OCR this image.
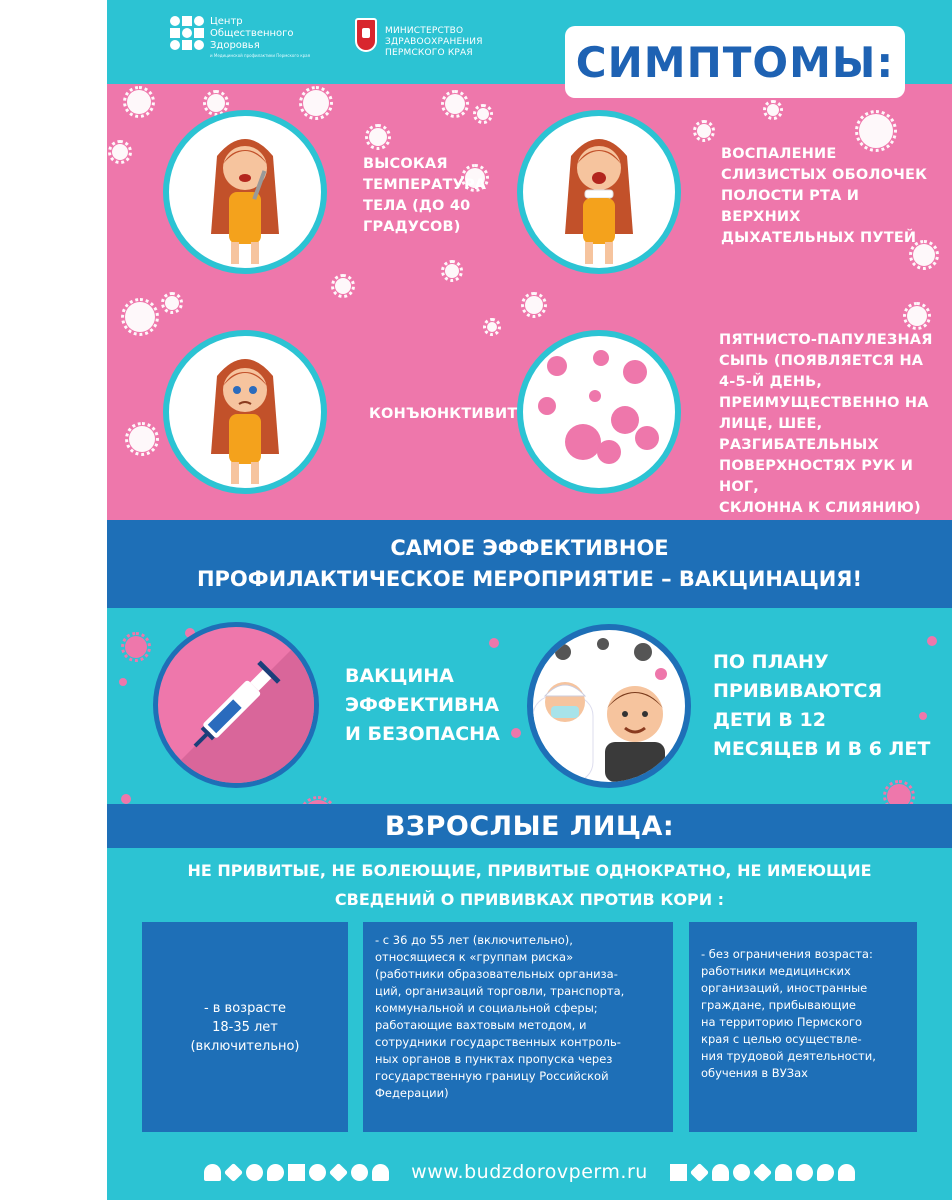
Центр
Общественного
Здоровья
и Медицинской профилактики Пермского края
МИНИСТЕРСТВО
ЗДРАВООХРАНЕНИЯ
ПЕРМСКОГО КРАЯ СИМПТОМЫ:
ВЫСОКАЯ
ТЕМПЕРАТУРА
ТЕЛА (ДО 40
ГРАДУСОВ)
ВОСПАЛЕНИЕ
СЛИЗИСТЫХ ОБОЛОЧЕК
ПОЛОСТИ РТА И
ВЕРХНИХ
ДЫХАТЕЛЬНЫХ ПУТЕЙ
КОНЪЮНКТИВИТ
ПЯТНИСТО-ПАПУЛЕЗНАЯ
СЫПЬ (ПОЯВЛЯЕТСЯ НА
4-5-Й ДЕНЬ,
ПРЕИМУЩЕСТВЕННО НА
ЛИЦЕ, ШЕЕ,
РАЗГИБАТЕЛЬНЫХ
ПОВЕРХНОСТЯХ РУК И НОГ,
СКЛОННА К СЛИЯНИЮ)
САМОЕ ЭФФЕКТИВНОЕ
ПРОФИЛАКТИЧЕСКОЕ МЕРОПРИЯТИЕ – ВАКЦИНАЦИЯ!
ВАКЦИНА
ЭФФЕКТИВНА
И БЕЗОПАСНА
ПО ПЛАНУ
ПРИВИВАЮТСЯ
ДЕТИ В 12
МЕСЯЦЕВ И В 6 ЛЕТ
ВЗРОСЛЫЕ ЛИЦА:
НЕ ПРИВИТЫЕ, НЕ БОЛЕЮЩИЕ, ПРИВИТЫЕ ОДНОКРАТНО, НЕ ИМЕЮЩИЕ
СВЕДЕНИЙ О ПРИВИВКАХ ПРОТИВ КОРИ :
- в возрасте
18-35 лет
(включительно)
- с 36 до 55 лет (включительно),
относящиеся к «группам риска»
(работники образовательных организа-
ций, организаций торговли, транспорта,
коммунальной и социальной сферы;
работающие вахтовым методом, и
сотрудники государственных контроль-
ных органов в пунктах пропуска через
государственную границу Российской
Федерации)
- без ограничения возраста:
работники медицинских
организаций, иностранные
граждане, прибывающие
на территорию Пермского
края с целью осуществле-
ния трудовой деятельности,
обучения в ВУЗах
www.budzdorovperm.ru
